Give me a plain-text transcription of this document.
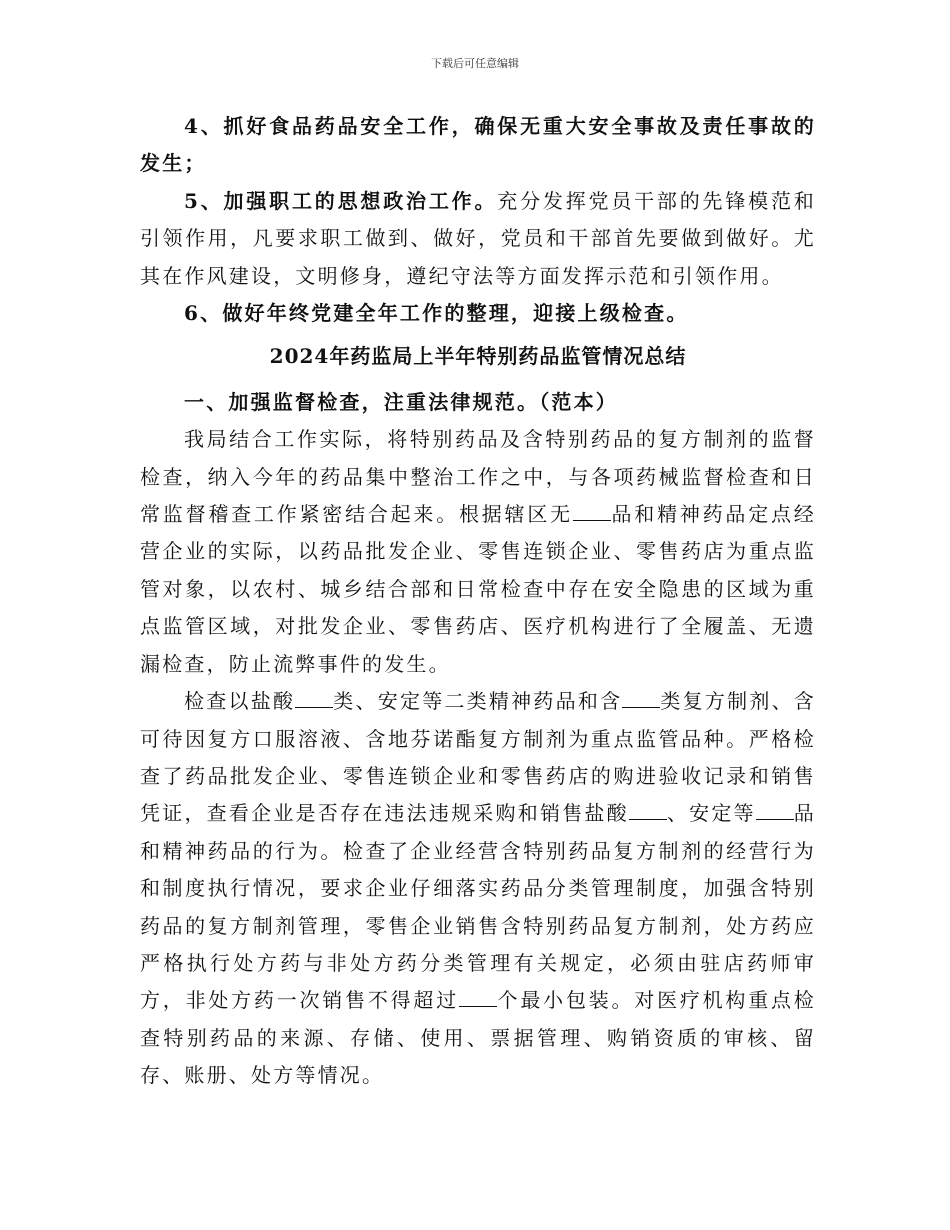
下载后可任意编辑

4、抓好食品药品安全工作，确保无重大安全事故及责任事故的发生；

5、加强职工的思想政治工作。充分发挥党员干部的先锋模范和引领作用，凡要求职工做到、做好，党员和干部首先要做到做好。尤其在作风建设，文明修身，遵纪守法等方面发挥示范和引领作用。

6、做好年终党建全年工作的整理，迎接上级检查。

2024年药监局上半年特别药品监管情况总结

一、加强监督检查，注重法律规范。（范本）

我局结合工作实际，将特别药品及含特别药品的复方制剂的监督检查，纳入今年的药品集中整治工作之中，与各项药械监督检查和日常监督稽查工作紧密结合起来。根据辖区无 品和精神药品定点经营企业的实际，以药品批发企业、零售连锁企业、零售药店为重点监管对象，以农村、城乡结合部和日常检查中存在安全隐患的区域为重点监管区域，对批发企业、零售药店、医疗机构进行了全履盖、无遗漏检查，防止流弊事件的发生。

检查以盐酸 类、安定等二类精神药品和含 类复方制剂、含可待因复方口服溶液、含地芬诺酯复方制剂为重点监管品种。严格检查了药品批发企业、零售连锁企业和零售药店的购进验收记录和销售凭证，查看企业是否存在违法违规采购和销售盐酸 、安定等 品和精神药品的行为。检查了企业经营含特别药品复方制剂的经营行为和制度执行情况，要求企业仔细落实药品分类管理制度，加强含特别药品的复方制剂管理，零售企业销售含特别药品复方制剂，处方药应严格执行处方药与非处方药分类管理有关规定，必须由驻店药师审方，非处方药一次销售不得超过 个最小包装。对医疗机构重点检查特别药品的来源、存储、使用、票据管理、购销资质的审核、留存、账册、处方等情况。
